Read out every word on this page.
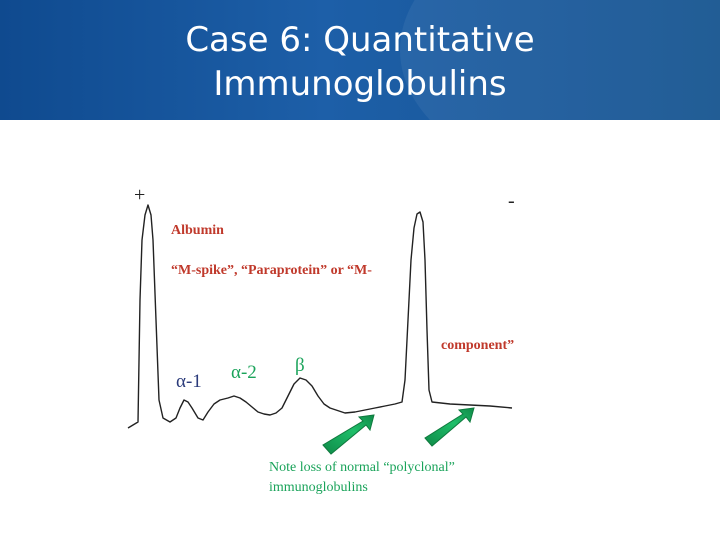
Case 6: Quantitative
Immunoglobulins
+	-
Albumin
“M-spike”, “Paraprotein” or “M-
component”
α-1 α-2 β
Note loss of normal “polyclonal”
immunoglobulins
